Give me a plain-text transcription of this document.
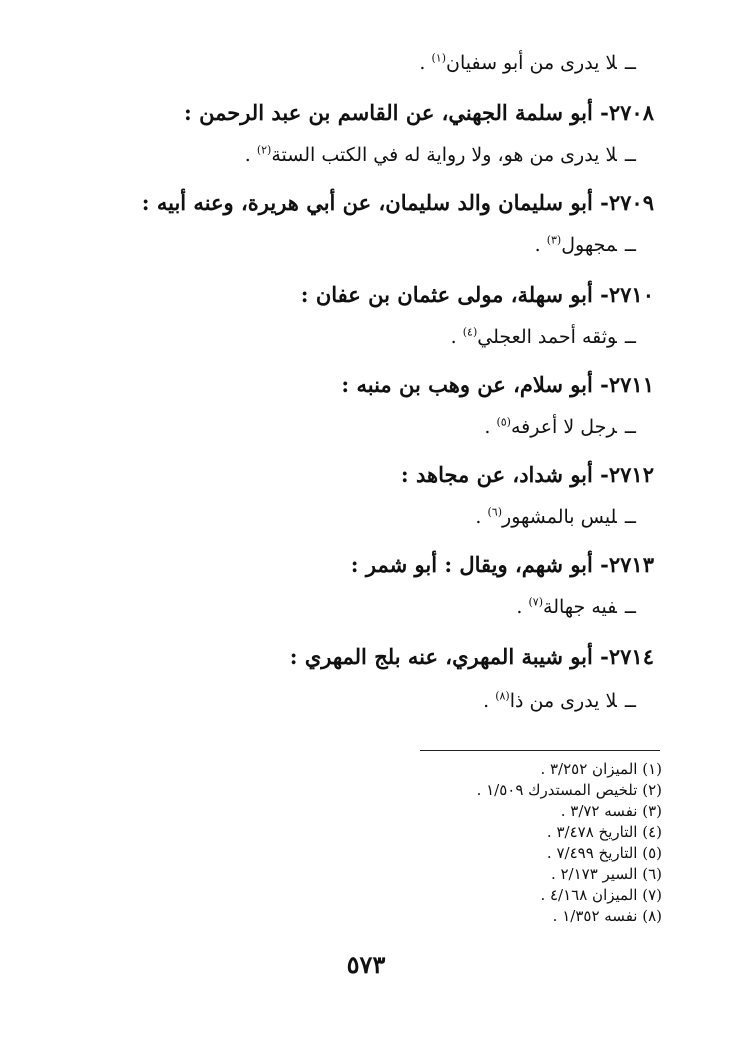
ــلا يدرى من أبو سفيان$^{(١)}$ .
٢٧٠٨- أبو سلمة الجهني، عن القاسم بن عبد الرحمن :
ــلا يدرى من هو، ولا رواية له في الكتب الستة$^{(٢)}$ .
٢٧٠٩- أبو سليمان والد سليمان، عن أبي هريرة، وعنه أبيه :
ــمجهول$^{(٣)}$ .
٢٧١٠- أبو سهلة، مولى عثمان بن عفان :
ــوثقه أحمد العجلي$^{(٤)}$ .
٢٧١١- أبو سلام، عن وهب بن منبه :
ــرجل لا أعرفه$^{(٥)}$ .
٢٧١٢- أبو شداد، عن مجاهد :
ــليس بالمشهور$^{(٦)}$ .
٢٧١٣- أبو شهم، ويقال : أبو شمر :
ــفيه جهالة$^{(٧)}$ .
٢٧١٤- أبو شيبة المهري، عنه بلج المهري :
ــلا يدرى من ذا$^{(٨)}$ .
(١) الميزان ٣/٢٥٢ .
(٢) تلخيص المستدرك ١/٥٠٩ .
(٣) نفسه ٣/٧٢ .
(٤) التاريخ ٣/٤٧٨ .
(٥) التاريخ ٧/٤٩٩ .
(٦) السير ٢/١٧٣ .
(٧) الميزان ٤/١٦٨ .
(٨) نفسه ١/٣٥٢ .
٥٧٣
